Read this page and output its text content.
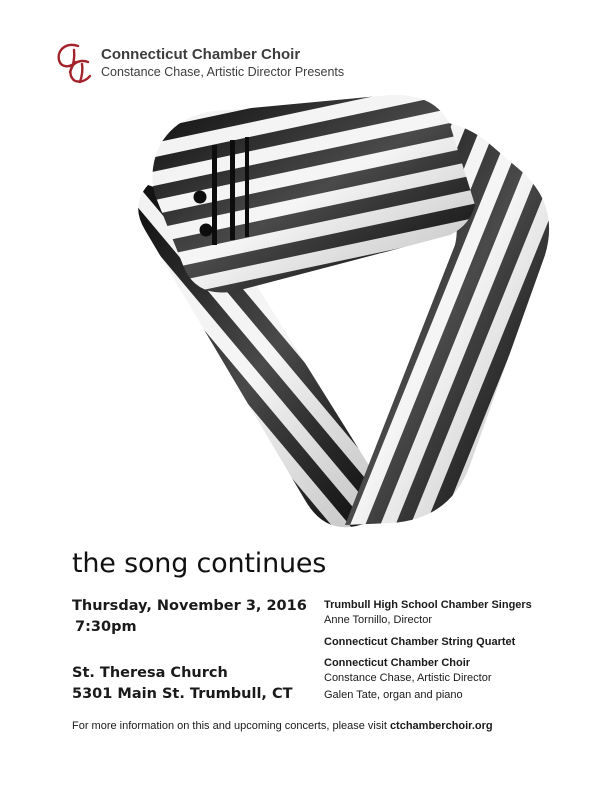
Connecticut Chamber Choir
Constance Chase, Artistic Director Presents
the song continues
Thursday, November 3, 2016
7:30pm
St. Theresa Church
5301 Main St. Trumbull, CT
Trumbull High School Chamber Singers
Anne Tornillo, Director
Connecticut Chamber String Quartet
Connecticut Chamber Choir
Constance Chase, Artistic Director
Galen Tate, organ and piano
For more information on this and upcoming concerts, please visit ctchamberchoir.org
